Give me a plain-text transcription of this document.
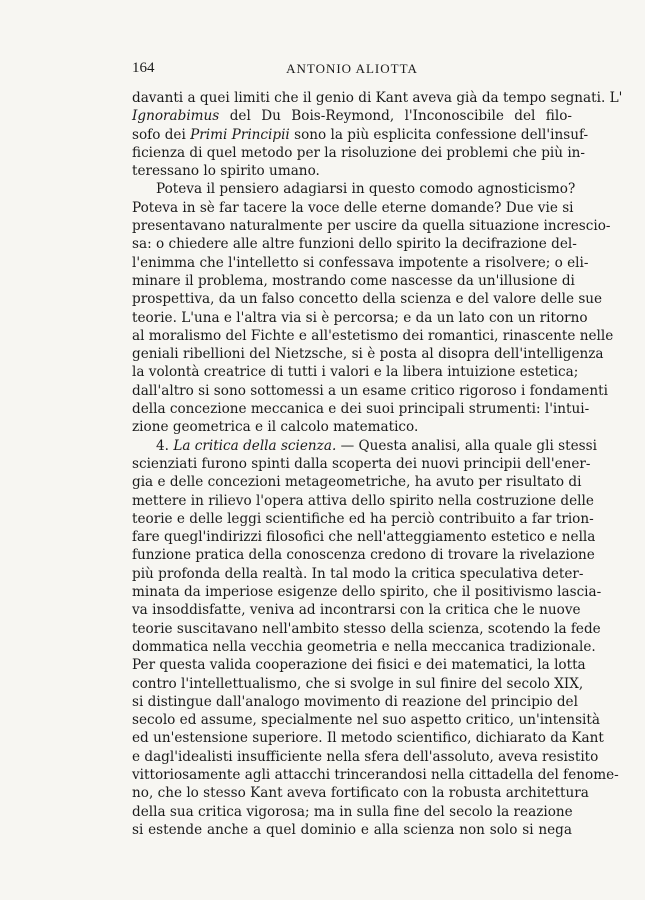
164	ANTONIO ALIOTTA
davanti a quei limiti che il genio di Kant aveva già da tempo segnati. L'
Ignorabimus del Du Bois-Reymond, l'Inconoscibile del filo-
sofo dei Primi Principii sono la più esplicita confessione dell'insuf-
ficienza di quel metodo per la risoluzione dei problemi che più in-
teressano lo spirito umano.
Poteva il pensiero adagiarsi in questo comodo agnosticismo?
Poteva in sè far tacere la voce delle eterne domande? Due vie si
presentavano naturalmente per uscire da quella situazione increscio-
sa: o chiedere alle altre funzioni dello spirito la decifrazione del-
l'enimma che l'intelletto si confessava impotente a risolvere; o eli-
minare il problema, mostrando come nascesse da un'illusione di
prospettiva, da un falso concetto della scienza e del valore delle sue
teorie. L'una e l'altra via si è percorsa; e da un lato con un ritorno
al moralismo del Fichte e all'estetismo dei romantici, rinascente nelle
geniali ribellioni del Nietzsche, si è posta al disopra dell'intelligenza
la volontà creatrice di tutti i valori e la libera intuizione estetica;
dall'altro si sono sottomessi a un esame critico rigoroso i fondamenti
della concezione meccanica e dei suoi principali strumenti: l'intui-
zione geometrica e il calcolo matematico.
4. La critica della scienza. — Questa analisi, alla quale gli stessi
scienziati furono spinti dalla scoperta dei nuovi principii dell'ener-
gia e delle concezioni metageometriche, ha avuto per risultato di
mettere in rilievo l'opera attiva dello spirito nella costruzione delle
teorie e delle leggi scientifiche ed ha perciò contribuito a far trion-
fare quegl'indirizzi filosofici che nell'atteggiamento estetico e nella
funzione pratica della conoscenza credono di trovare la rivelazione
più profonda della realtà. In tal modo la critica speculativa deter-
minata da imperiose esigenze dello spirito, che il positivismo lascia-
va insoddisfatte, veniva ad incontrarsi con la critica che le nuove
teorie suscitavano nell'ambito stesso della scienza, scotendo la fede
dommatica nella vecchia geometria e nella meccanica tradizionale.
Per questa valida cooperazione dei fisici e dei matematici, la lotta
contro l'intellettualismo, che si svolge in sul finire del secolo XIX,
si distingue dall'analogo movimento di reazione del principio del
secolo ed assume, specialmente nel suo aspetto critico, un'intensità
ed un'estensione superiore. Il metodo scientifico, dichiarato da Kant
e dagl'idealisti insufficiente nella sfera dell'assoluto, aveva resistito
vittoriosamente agli attacchi trincerandosi nella cittadella del fenome-
no, che lo stesso Kant aveva fortificato con la robusta architettura
della sua critica vigorosa; ma in sulla fine del secolo la reazione
si estende anche a quel dominio e alla scienza non solo si nega
